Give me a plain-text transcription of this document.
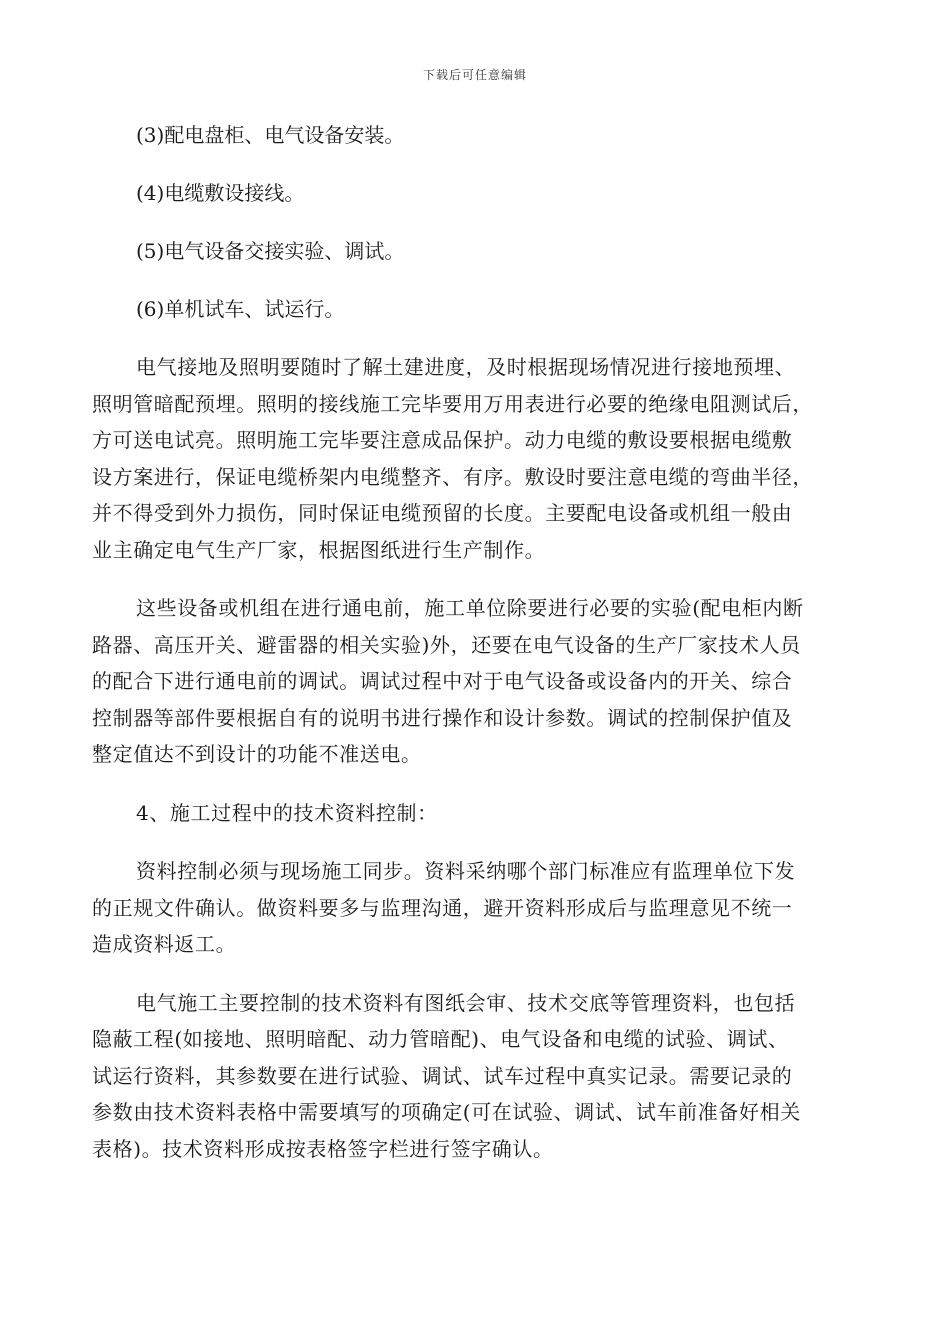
下载后可任意编辑

(3)配电盘柜、电气设备安装。

(4)电缆敷设接线。

(5)电气设备交接实验、调试。

(6)单机试车、试运行。

电气接地及照明要随时了解土建进度，及时根据现场情况进行接地预埋、
照明管暗配预埋。照明的接线施工完毕要用万用表进行必要的绝缘电阻测试后，
方可送电试亮。照明施工完毕要注意成品保护。动力电缆的敷设要根据电缆敷
设方案进行，保证电缆桥架内电缆整齐、有序。敷设时要注意电缆的弯曲半径，
并不得受到外力损伤，同时保证电缆预留的长度。主要配电设备或机组一般由
业主确定电气生产厂家，根据图纸进行生产制作。

这些设备或机组在进行通电前，施工单位除要进行必要的实验(配电柜内断
路器、高压开关、避雷器的相关实验)外，还要在电气设备的生产厂家技术人员
的配合下进行通电前的调试。调试过程中对于电气设备或设备内的开关、综合
控制器等部件要根据自有的说明书进行操作和设计参数。调试的控制保护值及
整定值达不到设计的功能不准送电。

4、施工过程中的技术资料控制：

资料控制必须与现场施工同步。资料采纳哪个部门标准应有监理单位下发
的正规文件确认。做资料要多与监理沟通，避开资料形成后与监理意见不统一
造成资料返工。

电气施工主要控制的技术资料有图纸会审、技术交底等管理资料，也包括
隐蔽工程(如接地、照明暗配、动力管暗配)、电气设备和电缆的试验、调试、
试运行资料，其参数要在进行试验、调试、试车过程中真实记录。需要记录的
参数由技术资料表格中需要填写的项确定(可在试验、调试、试车前准备好相关
表格)。技术资料形成按表格签字栏进行签字确认。
